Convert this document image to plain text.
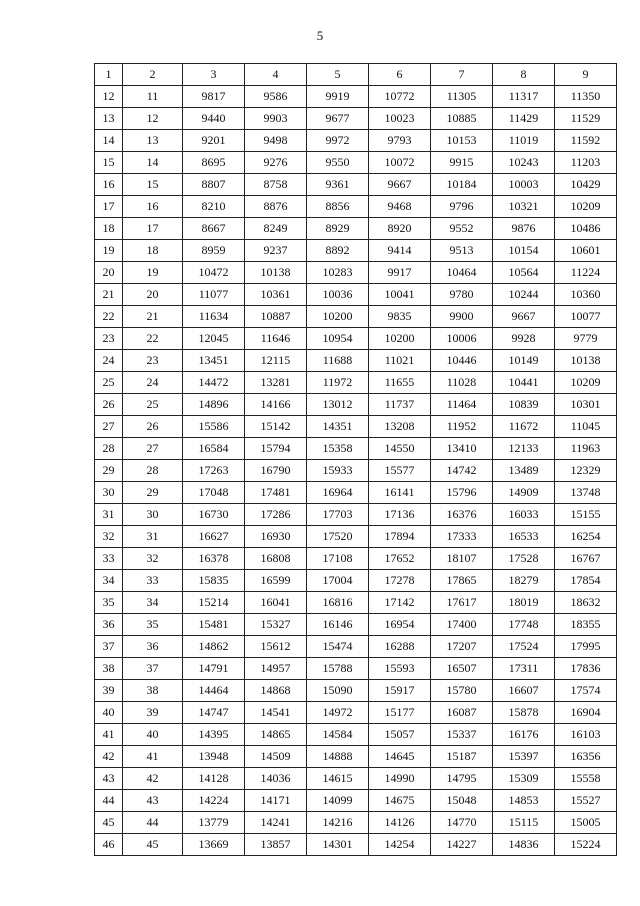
5
1	2	3	4	5	6	7	8	9
12	11	9817	9586	9919	10772	11305	11317	11350
13	12	9440	9903	9677	10023	10885	11429	11529
14	13	9201	9498	9972	9793	10153	11019	11592
15	14	8695	9276	9550	10072	9915	10243	11203
16	15	8807	8758	9361	9667	10184	10003	10429
17	16	8210	8876	8856	9468	9796	10321	10209
18	17	8667	8249	8929	8920	9552	9876	10486
19	18	8959	9237	8892	9414	9513	10154	10601
20	19	10472	10138	10283	9917	10464	10564	11224
21	20	11077	10361	10036	10041	9780	10244	10360
22	21	11634	10887	10200	9835	9900	9667	10077
23	22	12045	11646	10954	10200	10006	9928	9779
24	23	13451	12115	11688	11021	10446	10149	10138
25	24	14472	13281	11972	11655	11028	10441	10209
26	25	14896	14166	13012	11737	11464	10839	10301
27	26	15586	15142	14351	13208	11952	11672	11045
28	27	16584	15794	15358	14550	13410	12133	11963
29	28	17263	16790	15933	15577	14742	13489	12329
30	29	17048	17481	16964	16141	15796	14909	13748
31	30	16730	17286	17703	17136	16376	16033	15155
32	31	16627	16930	17520	17894	17333	16533	16254
33	32	16378	16808	17108	17652	18107	17528	16767
34	33	15835	16599	17004	17278	17865	18279	17854
35	34	15214	16041	16816	17142	17617	18019	18632
36	35	15481	15327	16146	16954	17400	17748	18355
37	36	14862	15612	15474	16288	17207	17524	17995
38	37	14791	14957	15788	15593	16507	17311	17836
39	38	14464	14868	15090	15917	15780	16607	17574
40	39	14747	14541	14972	15177	16087	15878	16904
41	40	14395	14865	14584	15057	15337	16176	16103
42	41	13948	14509	14888	14645	15187	15397	16356
43	42	14128	14036	14615	14990	14795	15309	15558
44	43	14224	14171	14099	14675	15048	14853	15527
45	44	13779	14241	14216	14126	14770	15115	15005
46	45	13669	13857	14301	14254	14227	14836	15224
